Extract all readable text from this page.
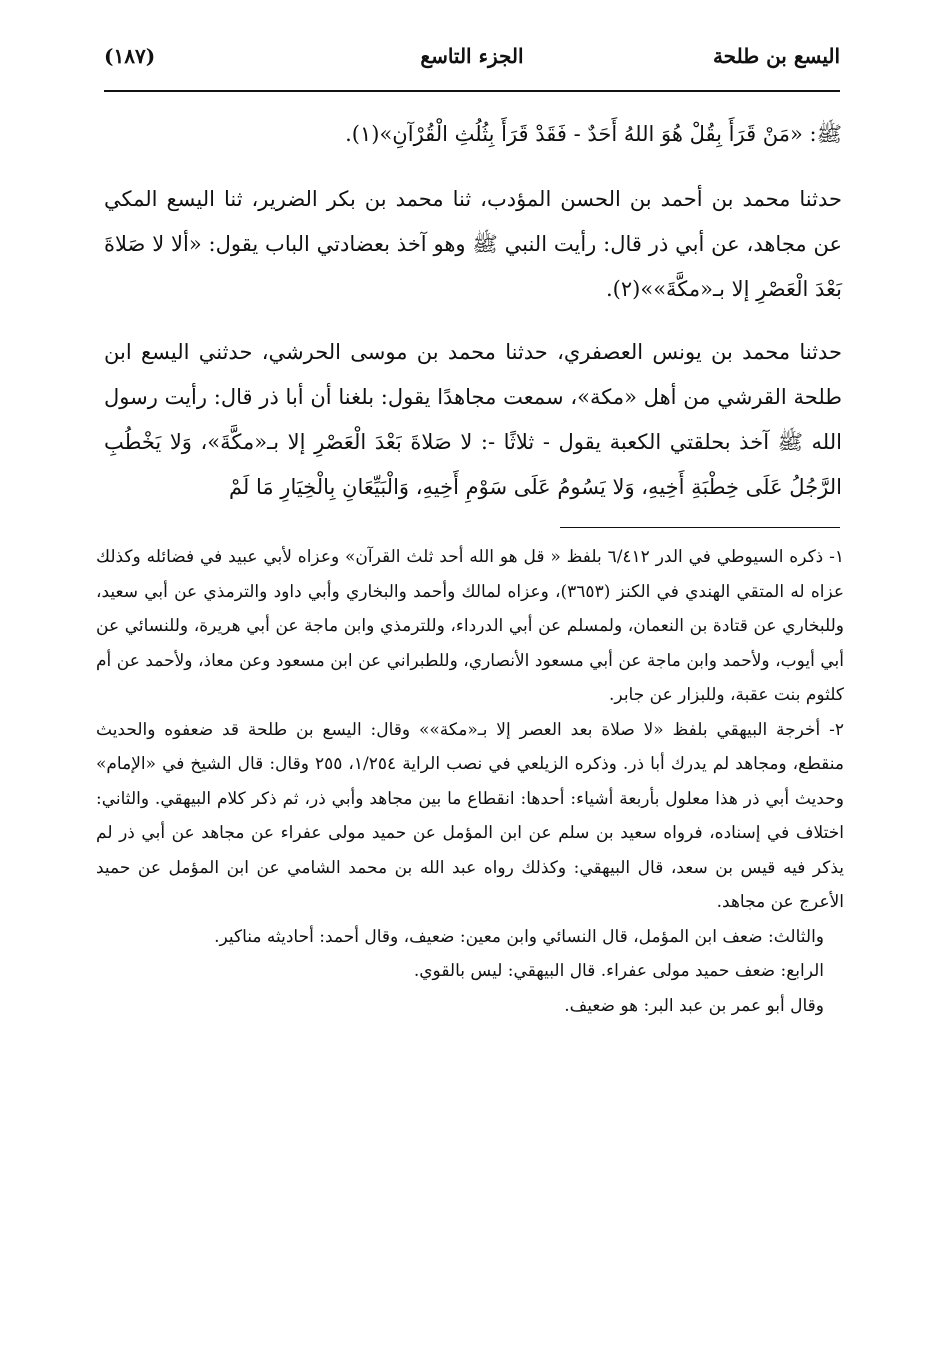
اليسع بن طلحة
الجزء التاسع
(١٨٧)

ﷺ: «مَنْ قَرَأَ بِقُلْ هُوَ اللهُ أَحَدٌ - فَقَدْ قَرَأَ بِثُلُثِ الْقُرْآنِ»(١).

حدثنا محمد بن أحمد بن الحسن المؤدب، ثنا محمد بن بكر الضرير، ثنا اليسع المكي عن مجاهد، عن أبي ذر قال: رأيت النبي ﷺ وهو آخذ بعضادتي الباب يقول: «ألا لا صَلاةَ بَعْدَ الْعَصْرِ إلا بـ«مكَّةَ»»(٢).

حدثنا محمد بن يونس العصفري، حدثنا محمد بن موسى الحرشي، حدثني اليسع ابن طلحة القرشي من أهل «مكة»، سمعت مجاهدًا يقول: بلغنا أن أبا ذر قال: رأيت رسول الله ﷺ آخذ بحلقتي الكعبة يقول - ثلاثًا -: لا صَلاةَ بَعْدَ الْعَصْرِ إلا بـ«مكَّةَ»، وَلا يَخْطُبِ الرَّجُلُ عَلَى خِطْبَةِ أَخِيهِ، وَلا يَسُومُ عَلَى سَوْمِ أَخِيهِ، وَالْبَيِّعَانِ بِالْخِيَارِ مَا لَمْ

١- ذكره السيوطي في الدر ٦/٤١٢ بلفظ « قل هو الله أحد ثلث القرآن» وعزاه لأبي عبيد في فضائله وكذلك عزاه له المتقي الهندي في الكنز (٣٦٥٣)، وعزاه لمالك وأحمد والبخاري وأبي داود والترمذي عن أبي سعيد، وللبخاري عن قتادة بن النعمان، ولمسلم عن أبي الدرداء، وللترمذي وابن ماجة عن أبي هريرة، وللنسائي عن أبي أيوب، ولأحمد وابن ماجة عن أبي مسعود الأنصاري، وللطبراني عن ابن مسعود وعن معاذ، ولأحمد عن أم كلثوم بنت عقبة، وللبزار عن جابر.

٢- أخرجة البيهقي بلفظ «لا صلاة بعد العصر إلا بـ«مكة»» وقال: اليسع بن طلحة قد ضعفوه والحديث منقطع، ومجاهد لم يدرك أبا ذر. وذكره الزيلعي في نصب الراية ١/٢٥٤، ٢٥٥ وقال: قال الشيخ في «الإمام» وحديث أبي ذر هذا معلول بأربعة أشياء: أحدها: انقطاع ما بين مجاهد وأبي ذر، ثم ذكر كلام البيهقي. والثاني: اختلاف في إسناده، فرواه سعيد بن سلم عن ابن المؤمل عن حميد مولى عفراء عن مجاهد عن أبي ذر لم يذكر فيه قيس بن سعد، قال البيهقي: وكذلك رواه عبد الله بن محمد الشامي عن ابن المؤمل عن حميد الأعرج عن مجاهد.

والثالث: ضعف ابن المؤمل، قال النسائي وابن معين: ضعيف، وقال أحمد: أحاديثه مناكير.

الرابع: ضعف حميد مولى عفراء. قال البيهقي: ليس بالقوي.

وقال أبو عمر بن عبد البر: هو ضعيف.
